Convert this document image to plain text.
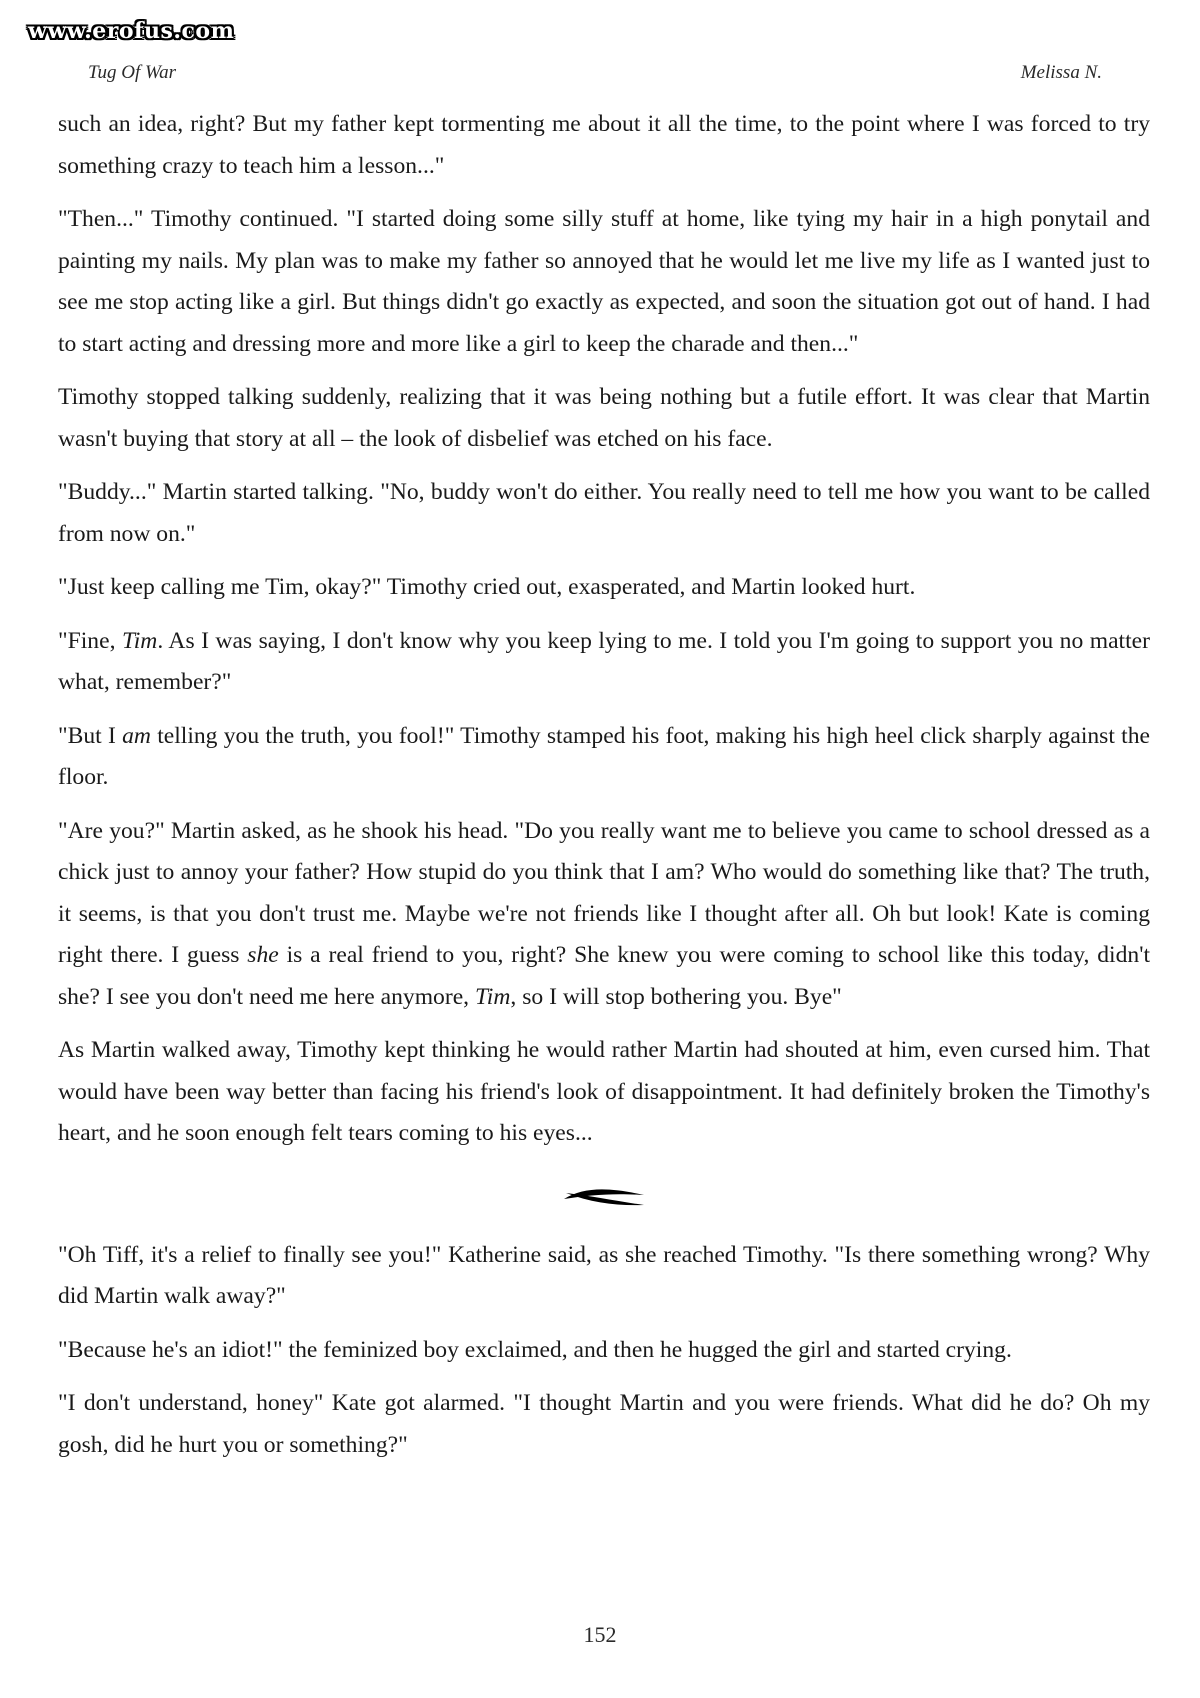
www.erofus.com
Tug Of War	Melissa N.

such an idea, right? But my father kept tormenting me about it all the time, to the point where I was forced to try something crazy to teach him a lesson..."

"Then..." Timothy continued. "I started doing some silly stuff at home, like tying my hair in a high ponytail and painting my nails. My plan was to make my father so annoyed that he would let me live my life as I wanted just to see me stop acting like a girl. But things didn't go exactly as expected, and soon the situation got out of hand. I had to start acting and dressing more and more like a girl to keep the charade and then..."

Timothy stopped talking suddenly, realizing that it was being nothing but a futile effort. It was clear that Martin wasn't buying that story at all – the look of disbelief was etched on his face.

"Buddy..." Martin started talking. "No, buddy won't do either. You really need to tell me how you want to be called from now on."

"Just keep calling me Tim, okay?" Timothy cried out, exasperated, and Martin looked hurt.

"Fine, Tim. As I was saying, I don't know why you keep lying to me. I told you I'm going to support you no matter what, remember?"

"But I am telling you the truth, you fool!" Timothy stamped his foot, making his high heel click sharply against the floor.

"Are you?" Martin asked, as he shook his head. "Do you really want me to believe you came to school dressed as a chick just to annoy your father? How stupid do you think that I am? Who would do something like that? The truth, it seems, is that you don't trust me. Maybe we're not friends like I thought after all. Oh but look! Kate is coming right there. I guess she is a real friend to you, right? She knew you were coming to school like this today, didn't she? I see you don't need me here anymore, Tim, so I will stop bothering you. Bye"

As Martin walked away, Timothy kept thinking he would rather Martin had shouted at him, even cursed him. That would have been way better than facing his friend's look of disappointment. It had definitely broken the Timothy's heart, and he soon enough felt tears coming to his eyes...

"Oh Tiff, it's a relief to finally see you!" Katherine said, as she reached Timothy. "Is there something wrong? Why did Martin walk away?"

"Because he's an idiot!" the feminized boy exclaimed, and then he hugged the girl and started crying.

"I don't understand, honey" Kate got alarmed. "I thought Martin and you were friends. What did he do? Oh my gosh, did he hurt you or something?"

152
